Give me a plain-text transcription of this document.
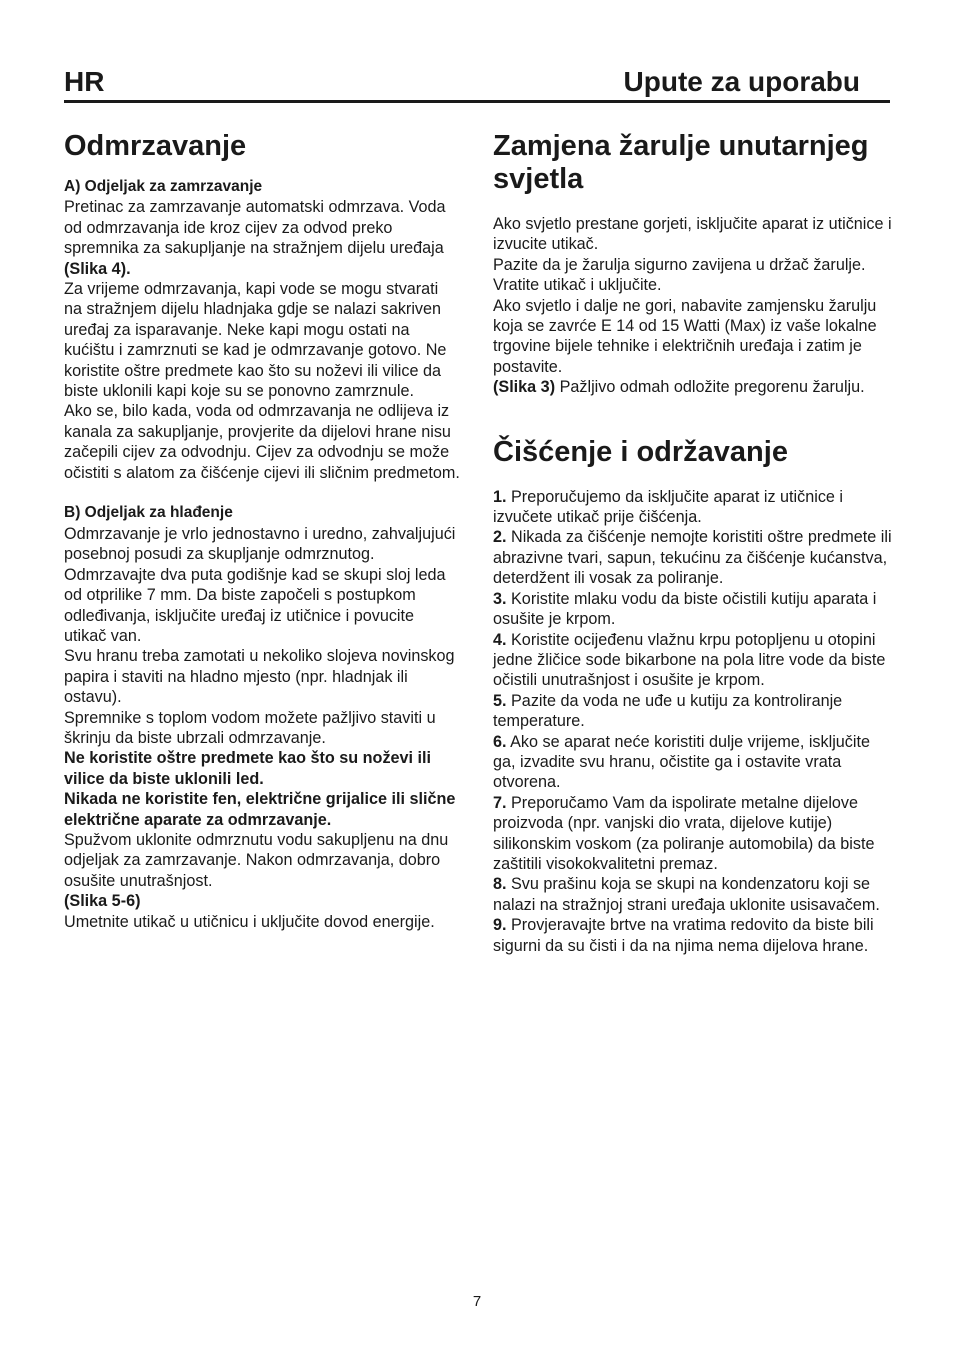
HR	Upute za uporabu
Odmrzavanje
A) Odjeljak za zamrzavanje

Pretinac za zamrzavanje automatski odmrzava. Voda od odmrzavanja ide kroz cijev za odvod preko spremnika za sakupljanje na stražnjem dijelu uređaja (Slika 4).

Za vrijeme odmrzavanja, kapi vode se mogu stvarati na stražnjem dijelu hladnjaka gdje se nalazi sakriven uređaj za isparavanje. Neke kapi mogu ostati na kućištu i zamrznuti se kad je odmrzavanje gotovo. Ne koristite oštre predmete kao što su noževi ili vilice da biste uklonili kapi koje su se ponovno zamrznule.

Ako se, bilo kada, voda od odmrzavanja ne odlijeva iz kanala za sakupljanje, provjerite da dijelovi hrane nisu začepili cijev za odvodnju. Cijev za odvodnju se može očistiti s alatom za čišćenje cijevi ili sličnim predmetom.

B) Odjeljak za hlađenje

Odmrzavanje je vrlo jednostavno i uredno, zahvaljujući posebnoj posudi za skupljanje odmrznutog.

Odmrzavajte dva puta godišnje kad se skupi sloj leda od otprilike 7 mm. Da biste započeli s postupkom odleđivanja, isključite uređaj iz utičnice i povucite utikač van.

Svu hranu treba zamotati u nekoliko slojeva novinskog papira i staviti na hladno mjesto (npr. hladnjak ili ostavu).

Spremnike s toplom vodom možete pažljivo staviti u škrinju da biste ubrzali odmrzavanje.

Ne koristite oštre predmete kao što su noževi ili vilice da biste uklonili led.

Nikada ne koristite fen, električne grijalice ili slične električne aparate za odmrzavanje.

Spužvom uklonite odmrznutu vodu sakupljenu na dnu odjeljak za zamrzavanje. Nakon odmrzavanja, dobro osušite unutrašnjost.

(Slika 5-6)

Umetnite utikač u utičnicu i uključite dovod energije.

Zamjena žarulje unutarnjeg svjetla

Ako svjetlo prestane gorjeti, isključite aparat iz utičnice i izvucite utikač.

Pazite da je žarulja sigurno zavijena u držač žarulje. Vratite utikač i uključite.

Ako svjetlo i dalje ne gori, nabavite zamjensku žarulju koja se zavrće E 14 od 15 Watti (Max) iz vaše lokalne trgovine bijele tehnike i električnih uređaja i zatim je postavite.

(Slika 3) Pažljivo odmah odložite pregorenu žarulju.

Čišćenje i održavanje

1. Preporučujemo da isključite aparat iz utičnice i izvučete utikač prije čišćenja.

2. Nikada za čišćenje nemojte koristiti oštre predmete ili abrazivne tvari, sapun, tekućinu za čišćenje kućanstva, deterdžent ili vosak za poliranje.

3. Koristite mlaku vodu da biste očistili kutiju aparata i osušite je krpom.

4. Koristite ocijeđenu vlažnu krpu potopljenu u otopini jedne žličice sode bikarbone na pola litre vode da biste očistili unutrašnjost i osušite je krpom.

5. Pazite da voda ne uđe u kutiju za kontroliranje temperature.

6. Ako se aparat neće koristiti dulje vrijeme, isključite ga, izvadite svu hranu, očistite ga i ostavite vrata otvorena.

7. Preporučamo Vam da ispolirate metalne dijelove proizvoda (npr. vanjski dio vrata, dijelove kutije) silikonskim voskom (za poliranje automobila) da biste zaštitili visokokvalitetni premaz.

8. Svu prašinu koja se skupi na kondenzatoru koji se nalazi na stražnjoj strani uređaja uklonite usisavačem.

9. Provjeravajte brtve na vratima redovito da biste bili sigurni da su čisti i da na njima nema dijelova hrane.

7
